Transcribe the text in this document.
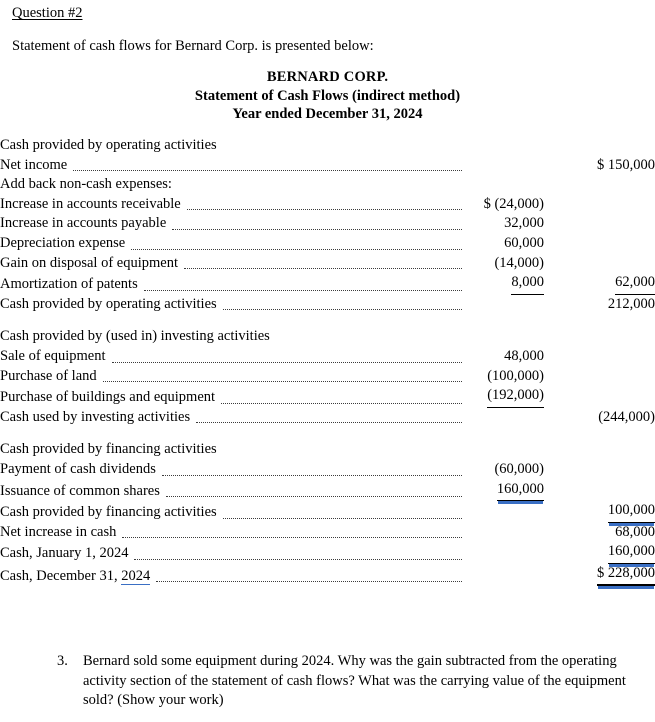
Question #2
Statement of cash flows for Bernard Corp. is presented below:
BERNARD CORP.
Statement of Cash Flows (indirect method)
Year ended December 31, 2024
Cash provided by operating activities		

Net income		$ 150,000
Add back non-cash expenses:		

Increase in accounts receivable	$ (24,000)	

Increase in accounts payable	32,000	

Depreciation expense	60,000	

Gain on disposal of equipment	(14,000)	

Amortization of patents	8,000	62,000

Cash provided by operating activities		212,000

Cash provided by (used in) investing activities		

Sale of equipment	48,000	

Purchase of land	(100,000)	

Purchase of buildings and equipment	(192,000)	

Cash used by investing activities		(244,000)

Cash provided by financing activities		

Payment of cash dividends	(60,000)	

Issuance of common shares	160,000	

Cash provided by financing activities		100,000

Net increase in cash		68,000

Cash, January 1, 2024		160,000

Cash, December 31, 2024		$ 228,000
3.	Bernard sold some equipment during 2024. Why was the gain subtracted from the operating activity section of the statement of cash flows? What was the carrying value of the equipment sold? (Show your work)
